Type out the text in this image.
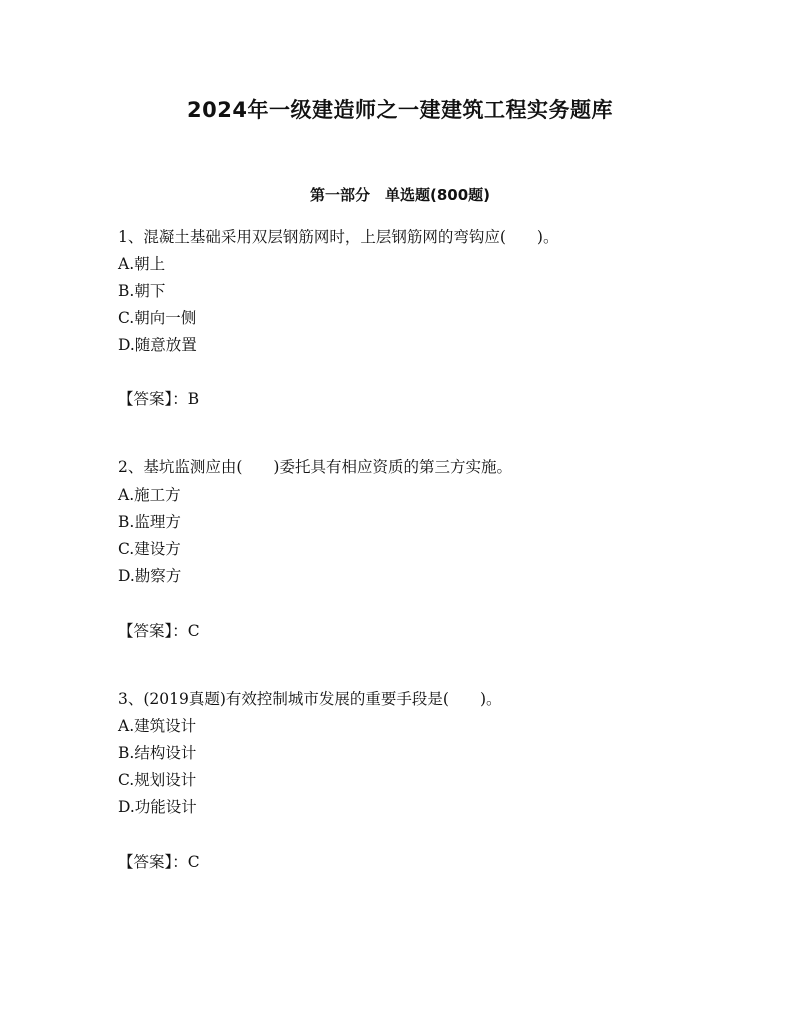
2024年一级建造师之一建建筑工程实务题库
第一部分　单选题(800题)
1、混凝土基础采用双层钢筋网时，上层钢筋网的弯钩应(　　)。
A.朝上
B.朝下
C.朝向一侧
D.随意放置
【答案】：B
2、基坑监测应由(　　)委托具有相应资质的第三方实施。
A.施工方
B.监理方
C.建设方
D.勘察方
【答案】：C
3、(2019真题)有效控制城市发展的重要手段是(　　)。
A.建筑设计
B.结构设计
C.规划设计
D.功能设计
【答案】：C
